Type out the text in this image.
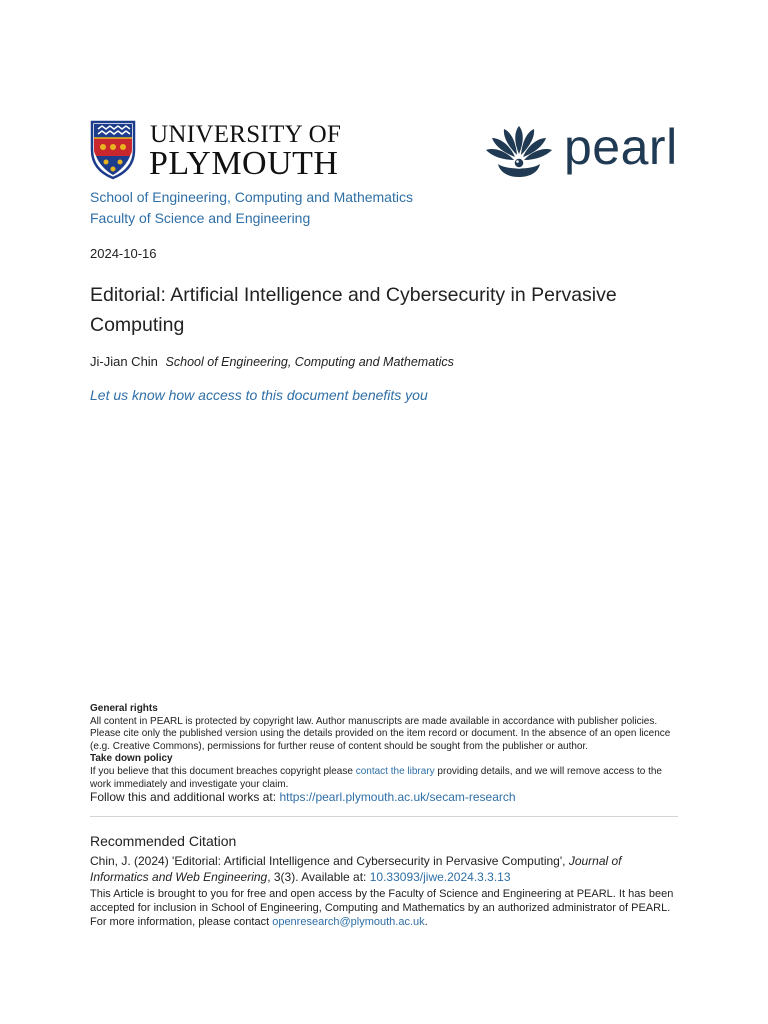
UNIVERSITY OF
PLYMOUTH	pearl
School of Engineering, Computing and Mathematics
Faculty of Science and Engineering
2024-10-16
Editorial: Artificial Intelligence and Cybersecurity in Pervasive Computing
Ji-Jian Chin School of Engineering, Computing and Mathematics
Let us know how access to this document benefits you
General rights
All content in PEARL is protected by copyright law. Author manuscripts are made available in accordance with publisher policies. Please cite only the published version using the details provided on the item record or document. In the absence of an open licence (e.g. Creative Commons), permissions for further reuse of content should be sought from the publisher or author.
Take down policy
If you believe that this document breaches copyright please contact the library providing details, and we will remove access to the work immediately and investigate your claim.
Follow this and additional works at: https://pearl.plymouth.ac.uk/secam-research
Recommended Citation
Chin, J. (2024) 'Editorial: Artificial Intelligence and Cybersecurity in Pervasive Computing', Journal of Informatics and Web Engineering, 3(3). Available at: 10.33093/jiwe.2024.3.3.13
This Article is brought to you for free and open access by the Faculty of Science and Engineering at PEARL. It has been accepted for inclusion in School of Engineering, Computing and Mathematics by an authorized administrator of PEARL. For more information, please contact openresearch@plymouth.ac.uk.
